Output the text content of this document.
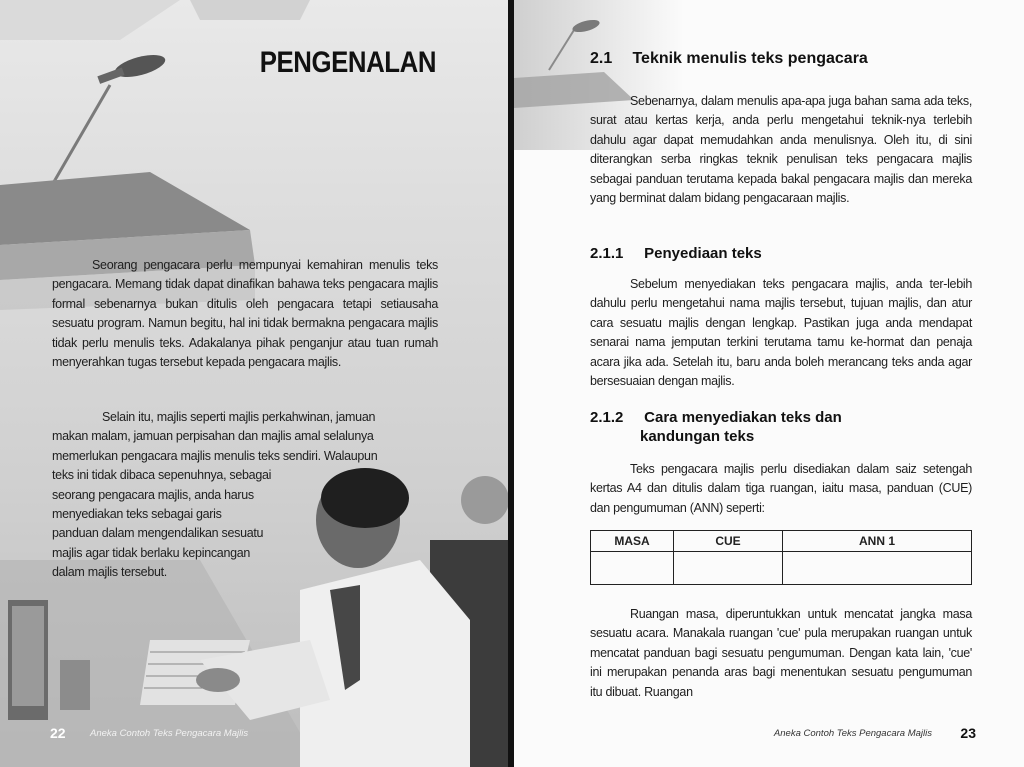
PENGENALAN
Seorang pengacara perlu mempunyai kemahiran menulis teks pengacara. Memang tidak dapat dinafikan bahawa teks pengacara majlis formal sebenarnya bukan ditulis oleh pengacara tetapi setiausaha sesuatu program. Namun begitu, hal ini tidak bermakna pengacara majlis tidak perlu menulis teks. Adakalanya pihak penganjur atau tuan rumah menyerahkan tugas tersebut kepada pengacara majlis.
Selain itu, majlis seperti majlis perkahwinan, jamuan
makan malam, jamuan perpisahan dan majlis amal selalunya
memerlukan pengacara majlis menulis teks sendiri. Walaupun
teks ini tidak dibaca sepenuhnya, sebagai
seorang pengacara majlis, anda harus
menyediakan teks sebagai garis
panduan dalam mengendalikan sesuatu
majlis agar tidak berlaku kepincangan
dalam majlis tersebut.
22	Aneka Contoh Teks Pengacara Majlis
2.1 Teknik menulis teks pengacara
Sebenarnya, dalam menulis apa-apa juga bahan sama ada teks, surat atau kertas kerja, anda perlu mengetahui teknik-nya terlebih dahulu agar dapat memudahkan anda menulisnya. Oleh itu, di sini diterangkan serba ringkas teknik penulisan teks pengacara majlis sebagai panduan terutama kepada bakal pengacara majlis dan mereka yang berminat dalam bidang pengacaraan majlis.
2.1.1 Penyediaan teks
Sebelum menyediakan teks pengacara majlis, anda ter-lebih dahulu perlu mengetahui nama majlis tersebut, tujuan majlis, dan atur cara sesuatu majlis dengan lengkap. Pastikan juga anda mendapat senarai nama jemputan terkini terutama tamu ke-hormat dan penaja acara jika ada. Setelah itu, baru anda boleh merancang teks anda agar bersesuaian dengan majlis.
2.1.2 Cara menyediakan teks dan
kandungan teks
Teks pengacara majlis perlu disediakan dalam saiz setengah kertas A4 dan ditulis dalam tiga ruangan, iaitu masa, panduan (CUE) dan pengumuman (ANN) seperti:
MASA	CUE	ANN 1

Ruangan masa, diperuntukkan untuk mencatat jangka masa sesuatu acara. Manakala ruangan 'cue' pula merupakan ruangan untuk mencatat panduan bagi sesuatu pengumuman. Dengan kata lain, 'cue' ini merupakan penanda aras bagi menentukan sesuatu pengumuman itu dibuat. Ruangan
Aneka Contoh Teks Pengacara Majlis 23
